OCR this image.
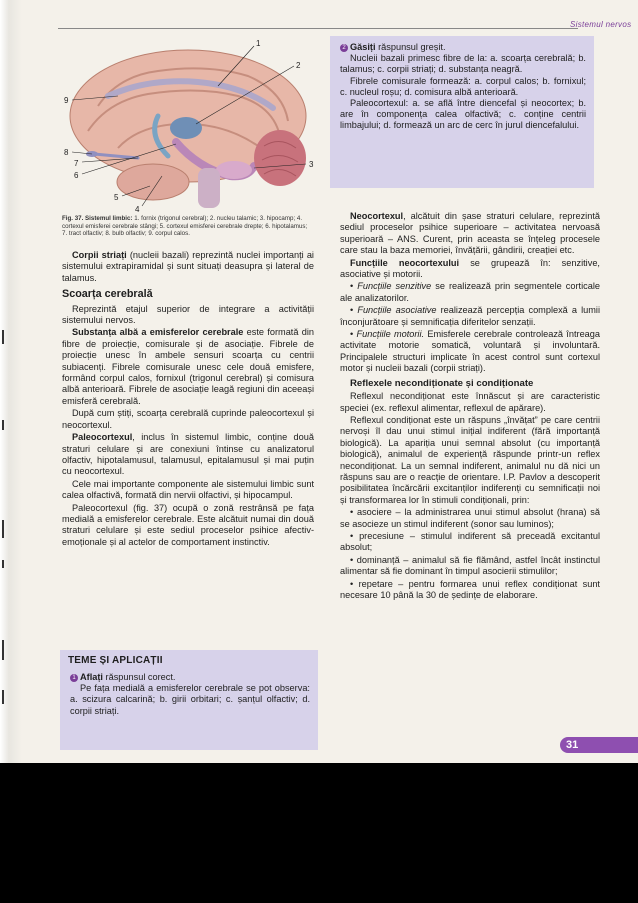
Sistemul nervos
1
2
3
4
5
6
7
8
9
Fig. 37. Sistemul limbic: 1. fornix (trigonul cerebral); 2. nucleu talamic; 3. hipocamp; 4. cortexul emisferei cerebrale stângi; 5. cortexul emisferei cerebrale drepte; 6. hipotalamus; 7. tract olfactiv; 8. bulb olfactiv; 9. corpul calos.

Corpii striați (nucleii bazali) reprezintă nuclei importanți ai sistemului extrapiramidal și sunt situați deasupra și lateral de talamus.

Scoarța cerebrală

Reprezintă etajul superior de integrare a activității sistemului nervos.

Substanța albă a emisferelor cerebrale este formată din fibre de proiecție, comisurale și de asociație. Fibrele de proiecție unesc în ambele sensuri scoarța cu centrii subiacenți. Fibrele comisurale unesc cele două emisfere, formând corpul calos, fornixul (trigonul cerebral) și comisura albă anterioară. Fibrele de asociație leagă regiuni din aceeași emisferă cerebrală.

După cum știți, scoarța cerebrală cuprinde paleocortexul și neocortexul.

Paleocortexul, inclus în sistemul limbic, conține două straturi celulare și are conexiuni întinse cu analizatorul olfactiv, hipotalamusul, talamusul, epitalamusul și mai puțin cu neocortexul.

Cele mai importante componente ale sistemului limbic sunt calea olfactivă, formată din nervii olfactivi, și hipocampul.

Paleocortexul (fig. 37) ocupă o zonă restrânsă pe fața medială a emisferelor cerebrale. Este alcătuit numai din două straturi celulare și este sediul proceselor psihice afectiv-emoționale și al actelor de comportament instinctiv.

TEME ȘI APLICAȚII

1 Aflați răspunsul corect.

Pe fața medială a emisferelor cerebrale se pot observa: a. scizura calcarină; b. girii orbitari; c. șanțul olfactiv; d. corpii striați.

2 Găsiți răspunsul greșit.

Nucleii bazali primesc fibre de la: a. scoarța cerebrală; b. talamus; c. corpii striați; d. substanța neagră.

Fibrele comisurale formează: a. corpul calos; b. fornixul; c. nucleul roșu; d. comisura albă anterioară.

Paleocortexul: a. se află între diencefal și neocortex; b. are în componența calea olfactivă; c. conține centrii limbajului; d. formează un arc de cerc în jurul diencefalului.

Neocortexul, alcătuit din șase straturi celulare, reprezintă sediul proceselor psihice superioare – activitatea nervoasă superioară – ANS. Curent, prin aceasta se înțeleg procesele care stau la baza memoriei, învățării, gândirii, creației etc.

Funcțiile neocortexului se grupează în: senzitive, asociative și motorii.

• Funcțiile senzitive se realizează prin segmentele corticale ale analizatorilor.

• Funcțiile asociative realizează percepția complexă a lumii înconjurătoare și semnificația diferitelor senzații.

• Funcțiile motorii. Emisferele cerebrale controlează întreaga activitate motorie somatică, voluntară și involuntară. Principalele structuri implicate în acest control sunt cortexul motor și nucleii bazali (corpii striați).

Reflexele necondiționate și condiționate

Reflexul necondiționat este înnăscut și are caracteristic speciei (ex. reflexul alimentar, reflexul de apărare).

Reflexul condiționat este un răspuns „învățat” pe care centrii nervoși îl dau unui stimul inițial indiferent (fără importanță biologică). La apariția unui semnal absolut (cu importanță biologică), animalul de experiență răspunde printr-un reflex necondiționat. La un semnal indiferent, animalul nu dă nici un răspuns sau are o reacție de orientare. I.P. Pavlov a descoperit posibilitatea încărcării excitanților indiferenți cu semnificații noi și transformarea lor în stimuli condiționali, prin:

• asociere – la administrarea unui stimul absolut (hrana) să se asocieze un stimul indiferent (sonor sau luminos);

• precesiune – stimulul indiferent să preceadă excitantul absolut;

• dominanță – animalul să fie flămând, astfel încât instinctul alimentar să fie dominant în timpul asocierii stimulilor;

• repetare – pentru formarea unui reflex condiționat sunt necesare 10 până la 30 de ședințe de elaborare.

31
